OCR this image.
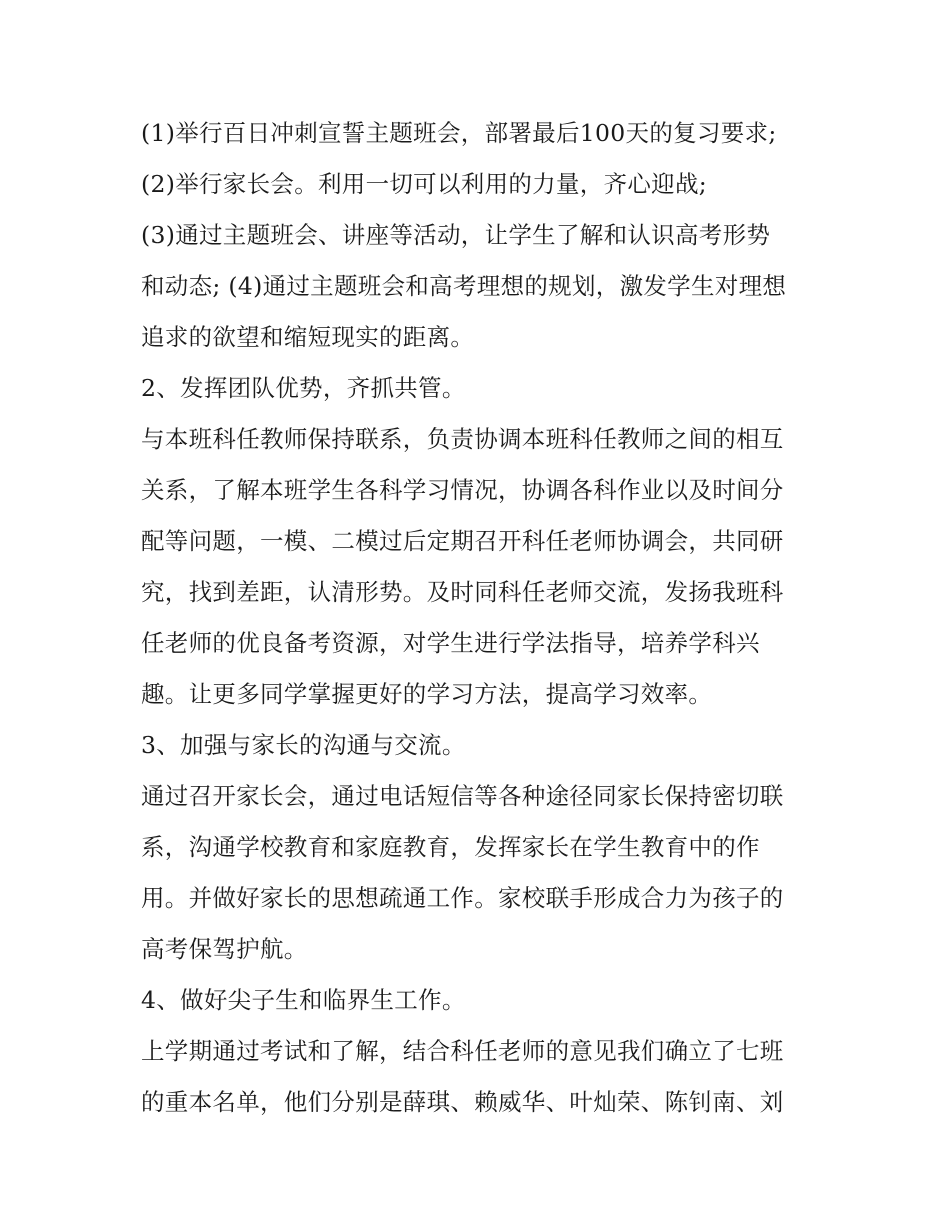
(1)举行百日冲刺宣誓主题班会，部署最后100天的复习要求;
(2)举行家长会。利用一切可以利用的力量，齐心迎战;
(3)通过主题班会、讲座等活动，让学生了解和认识高考形势
和动态; (4)通过主题班会和高考理想的规划，激发学生对理想
追求的欲望和缩短现实的距离。
2、发挥团队优势，齐抓共管。
与本班科任教师保持联系，负责协调本班科任教师之间的相互
关系，了解本班学生各科学习情况，协调各科作业以及时间分
配等问题，一模、二模过后定期召开科任老师协调会，共同研
究，找到差距，认清形势。及时同科任老师交流，发扬我班科
任老师的优良备考资源，对学生进行学法指导，培养学科兴
趣。让更多同学掌握更好的学习方法，提高学习效率。
3、加强与家长的沟通与交流。
通过召开家长会，通过电话短信等各种途径同家长保持密切联
系，沟通学校教育和家庭教育，发挥家长在学生教育中的作
用。并做好家长的思想疏通工作。家校联手形成合力为孩子的
高考保驾护航。
4、做好尖子生和临界生工作。
上学期通过考试和了解，结合科任老师的意见我们确立了七班
的重本名单，他们分别是薛琪、赖威华、叶灿荣、陈钊南、刘
